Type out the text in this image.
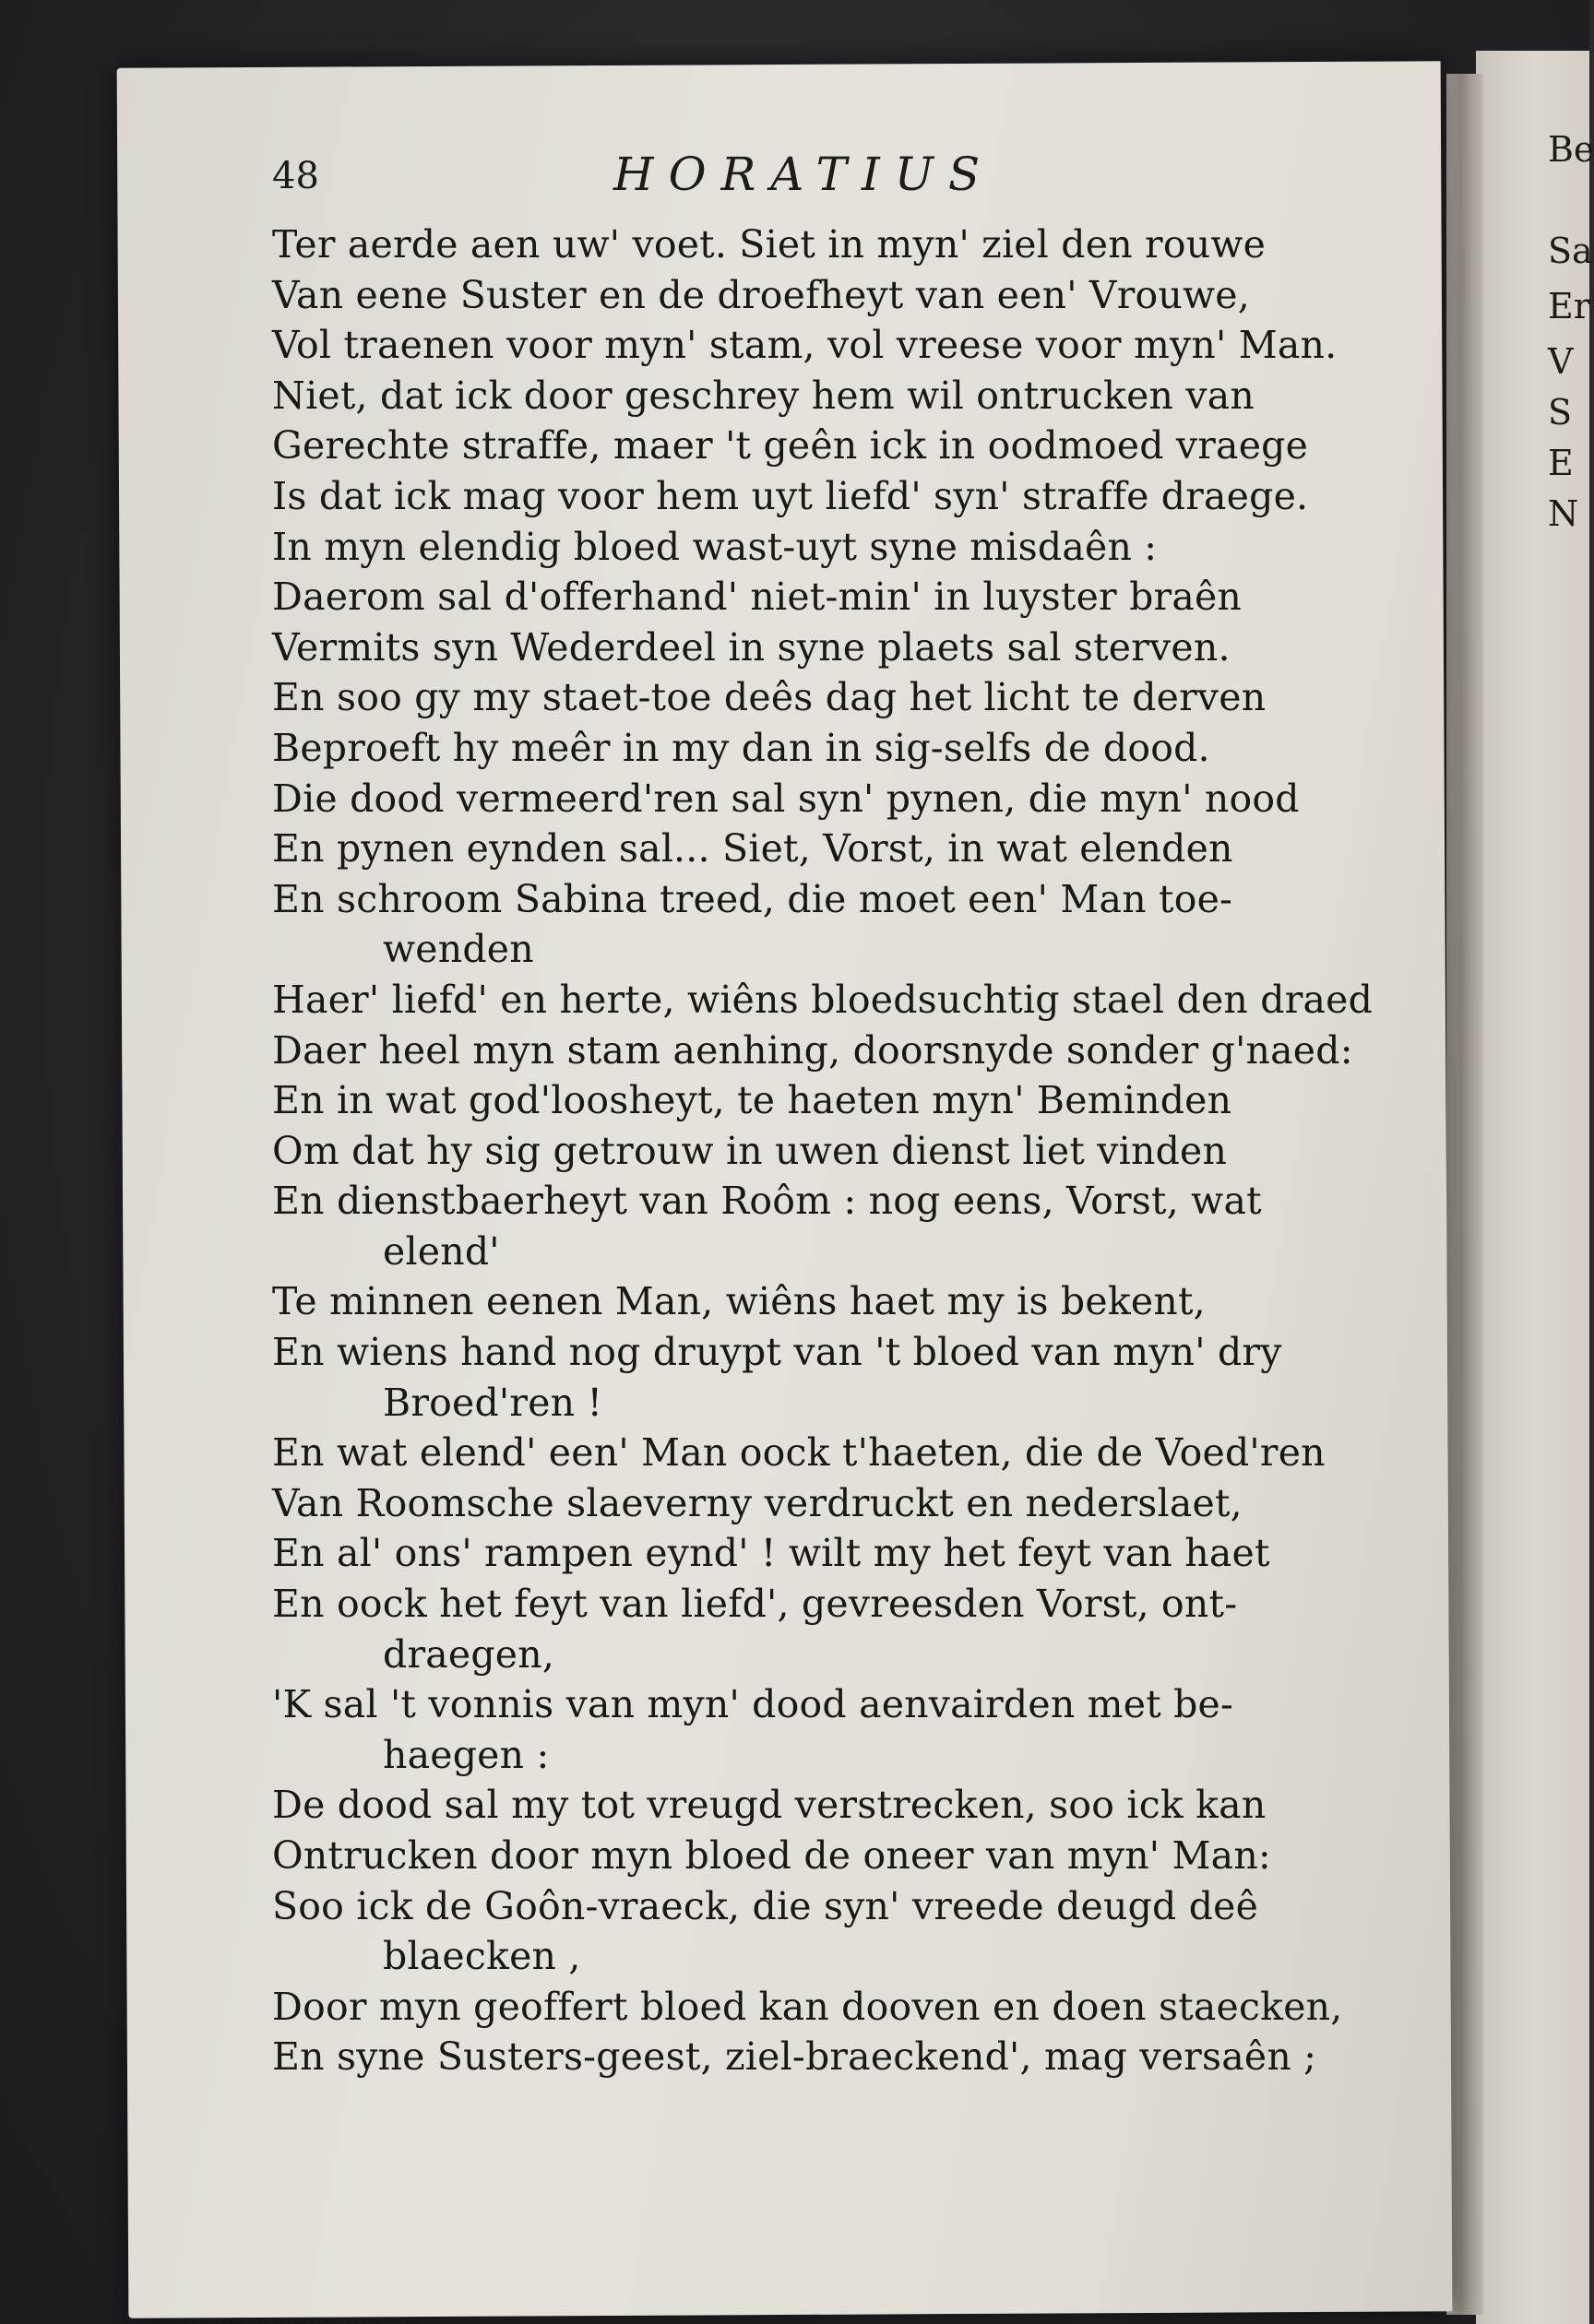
Be
Sa
Er
V
S
E
N
48	HORATIUS
Ter aerde aen uw' voet. Siet in myn' ziel den rouwe
Van eene Suster en de droefheyt van een' Vrouwe,
Vol traenen voor myn' stam, vol vreese voor myn' Man.
Niet, dat ick door geschrey hem wil ontrucken van
Gerechte straffe, maer 't geên ick in oodmoed vraege
Is dat ick mag voor hem uyt liefd' syn' straffe draege.
In myn elendig bloed wast-uyt syne misdaên :
Daerom sal d'offerhand' niet-min' in luyster braên
Vermits syn Wederdeel in syne plaets sal sterven.
En soo gy my staet-toe deês dag het licht te derven
Beproeft hy meêr in my dan in sig-selfs de dood.
Die dood vermeerd'ren sal syn' pynen, die myn' nood
En pynen eynden sal... Siet, Vorst, in wat elenden
En schroom Sabina treed, die moet een' Man toe-
wenden
Haer' liefd' en herte, wiêns bloedsuchtig stael den draed
Daer heel myn stam aenhing, doorsnyde sonder g'naed:
En in wat god'loosheyt, te haeten myn' Beminden
Om dat hy sig getrouw in uwen dienst liet vinden
En dienstbaerheyt van Roôm : nog eens, Vorst, wat
elend'
Te minnen eenen Man, wiêns haet my is bekent,
En wiens hand nog druypt van 't bloed van myn' dry
Broed'ren !
En wat elend' een' Man oock t'haeten, die de Voed'ren
Van Roomsche slaeverny verdruckt en nederslaet,
En al' ons' rampen eynd' ! wilt my het feyt van haet
En oock het feyt van liefd', gevreesden Vorst, ont-
draegen,
'K sal 't vonnis van myn' dood aenvairden met be-
haegen :
De dood sal my tot vreugd verstrecken, soo ick kan
Ontrucken door myn bloed de oneer van myn' Man:
Soo ick de Goôn-vraeck, die syn' vreede deugd deê
blaecken ,
Door myn geoffert bloed kan dooven en doen staecken,
En syne Susters-geest, ziel-braeckend', mag versaên ;
